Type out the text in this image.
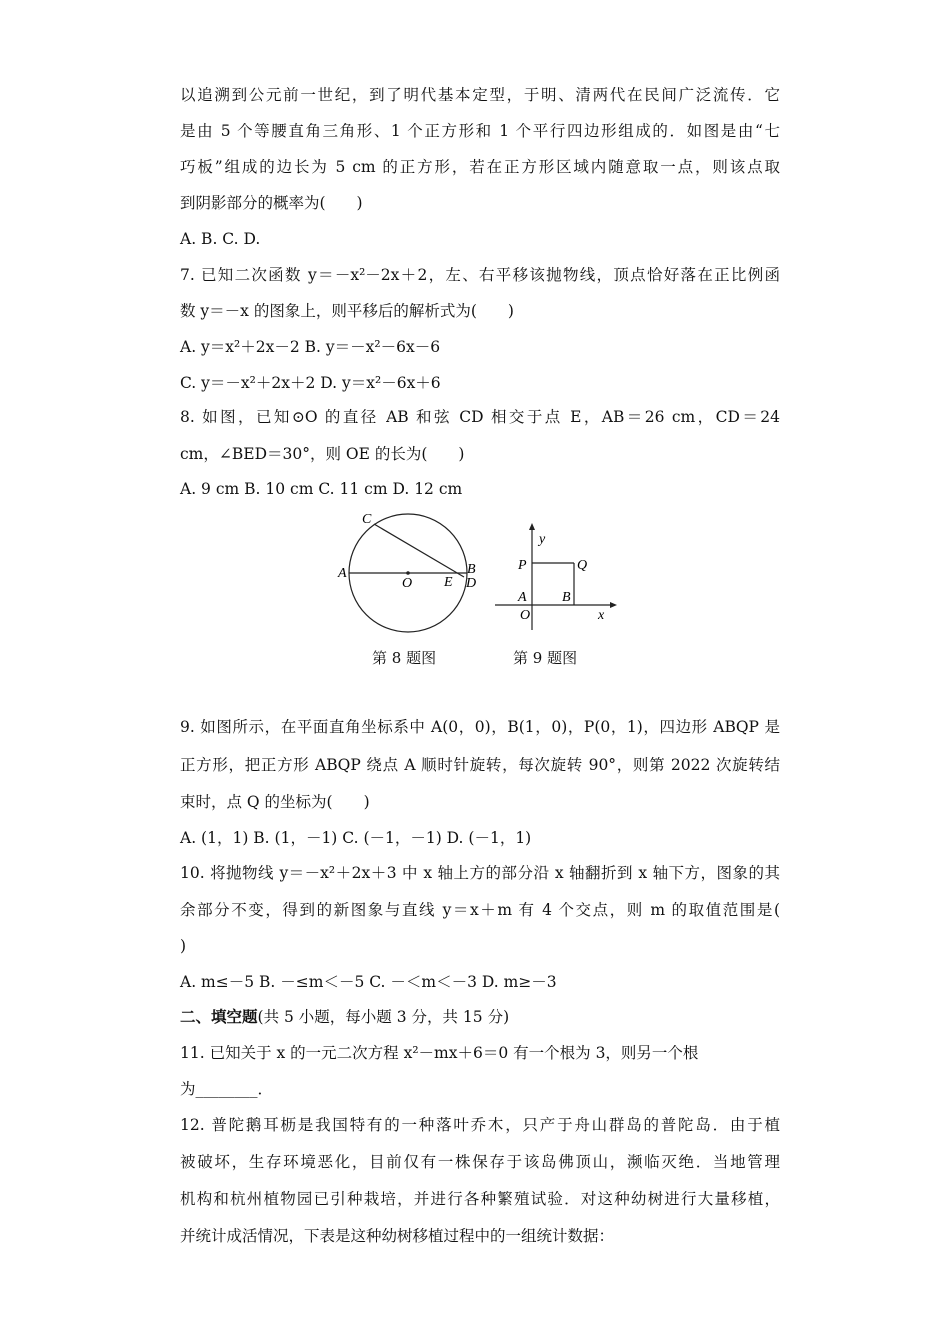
以追溯到公元前一世纪，到了明代基本定型，于明、清两代在民间广泛流传．它
是由 5 个等腰直角三角形、1 个正方形和 1 个平行四边形组成的．如图是由“七
巧板”组成的边长为 5 cm 的正方形，若在正方形区域内随意取一点，则该点取
到阴影部分的概率为(　　)
A. B. C. D.
7. 已知二次函数 y＝－x²－2x＋2，左、右平移该抛物线，顶点恰好落在正比例函
数 y＝－x 的图象上，则平移后的解析式为(　　)
A. y＝x²＋2x－2 B. y＝－x²－6x－6
C. y＝－x²＋2x＋2 D. y＝x²－6x＋6
8. 如图，已知⊙O 的直径 AB 和弦 CD 相交于点 E，AB＝26 cm，CD＝24
cm，∠BED＝30°，则 OE 的长为(　　)
A. 9 cm B. 10 cm C. 11 cm D. 12 cm
C
A
O E
B
D
y
P	Q
A	B
O	x
第 8 题图	第 9 题图
9. 如图所示，在平面直角坐标系中 A(0，0)，B(1，0)，P(0，1)，四边形 ABQP 是
正方形，把正方形 ABQP 绕点 A 顺时针旋转，每次旋转 90°，则第 2022 次旋转结
束时，点 Q 的坐标为(　　)
A. (1，1) B. (1，－1) C. (－1，－1) D. (－1，1)
10. 将抛物线 y＝－x²＋2x＋3 中 x 轴上方的部分沿 x 轴翻折到 x 轴下方，图象的其
余部分不变，得到的新图象与直线 y＝x＋m 有 4 个交点，则 m 的取值范围是(
)
A. m≤－5 B. －≤m＜－5 C. －＜m＜－3 D. m≥－3
二、填空题(共 5 小题，每小题 3 分，共 15 分)
11. 已知关于 x 的一元二次方程 x²－mx＋6＝0 有一个根为 3，则另一个根
为________．
12. 普陀鹅耳枥是我国特有的一种落叶乔木，只产于舟山群岛的普陀岛．由于植
被破坏，生存环境恶化，目前仅有一株保存于该岛佛顶山，濒临灭绝．当地管理
机构和杭州植物园已引种栽培，并进行各种繁殖试验．对这种幼树进行大量移植，
并统计成活情况，下表是这种幼树移植过程中的一组统计数据：
